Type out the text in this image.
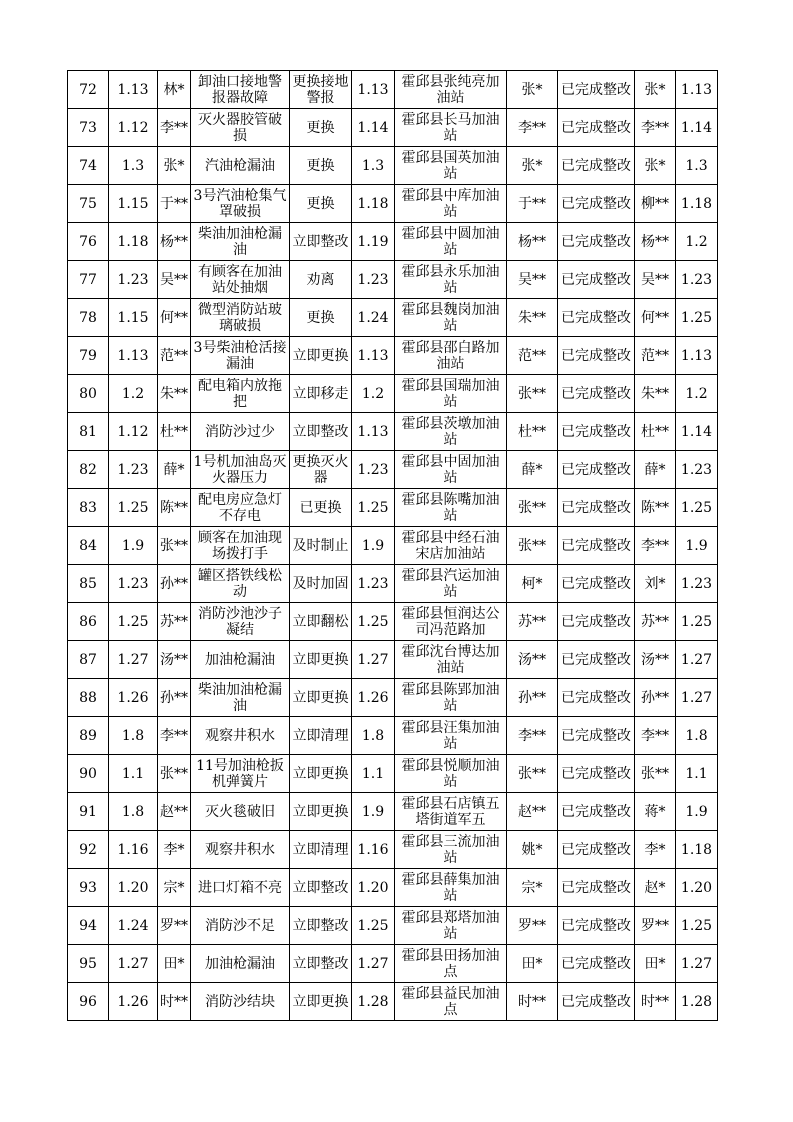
72	1.13	林*	卸油口接地警报器故障	更换接地警报	1.13	霍邱县张纯亮加油站	张*	已完成整改	张*	1.13
73	1.12	李**	灭火器胶管破损	更换	1.14	霍邱县长马加油站	李**	已完成整改	李**	1.14
74	1.3	张*	汽油枪漏油	更换	1.3	霍邱县国英加油站	张*	已完成整改	张*	1.3
75	1.15	于**	3号汽油枪集气罩破损	更换	1.18	霍邱县中库加油站	于**	已完成整改	柳**	1.18
76	1.18	杨**	柴油加油枪漏油	立即整改	1.19	霍邱县中圆加油站	杨**	已完成整改	杨**	1.2
77	1.23	吴**	有顾客在加油站处抽烟	劝离	1.23	霍邱县永乐加油站	吴**	已完成整改	吴**	1.23
78	1.15	何**	微型消防站玻璃破损	更换	1.24	霍邱县魏岗加油站	朱**	已完成整改	何**	1.25
79	1.13	范**	3号柴油枪活接漏油	立即更换	1.13	霍邱县邵白路加油站	范**	已完成整改	范**	1.13
80	1.2	朱**	配电箱内放拖把	立即移走	1.2	霍邱县国瑞加油站	张**	已完成整改	朱**	1.2
81	1.12	杜**	消防沙过少	立即整改	1.13	霍邱县茨墩加油站	杜**	已完成整改	杜**	1.14
82	1.23	薛*	1号机加油岛灭火器压力	更换灭火器	1.23	霍邱县中固加油站	薛*	已完成整改	薛*	1.23
83	1.25	陈**	配电房应急灯不存电	已更换	1.25	霍邱县陈嘴加油站	张**	已完成整改	陈**	1.25
84	1.9	张**	顾客在加油现场拨打手	及时制止	1.9	霍邱县中经石油宋店加油站	张**	已完成整改	李**	1.9
85	1.23	孙**	罐区搭铁线松动	及时加固	1.23	霍邱县汽运加油站	柯*	已完成整改	刘*	1.23
86	1.25	苏**	消防沙池沙子凝结	立即翻松	1.25	霍邱县恒润达公司冯范路加	苏**	已完成整改	苏**	1.25
87	1.27	汤**	加油枪漏油	立即更换	1.27	霍邱沈台博达加油站	汤**	已完成整改	汤**	1.27
88	1.26	孙**	柴油加油枪漏油	立即更换	1.26	霍邱县陈郢加油站	孙**	已完成整改	孙**	1.27
89	1.8	李**	观察井积水	立即清理	1.8	霍邱县汪集加油站	李**	已完成整改	李**	1.8
90	1.1	张**	11号加油枪扳机弹簧片	立即更换	1.1	霍邱县悦顺加油站	张**	已完成整改	张**	1.1
91	1.8	赵**	灭火毯破旧	立即更换	1.9	霍邱县石店镇五塔街道军五	赵**	已完成整改	蒋*	1.9
92	1.16	李*	观察井积水	立即清理	1.16	霍邱县三流加油站	姚*	已完成整改	李*	1.18
93	1.20	宗*	进口灯箱不亮	立即整改	1.20	霍邱县薛集加油站	宗*	已完成整改	赵*	1.20
94	1.24	罗**	消防沙不足	立即整改	1.25	霍邱县郑塔加油站	罗**	已完成整改	罗**	1.25
95	1.27	田*	加油枪漏油	立即整改	1.27	霍邱县田扬加油点	田*	已完成整改	田*	1.27
96	1.26	时**	消防沙结块	立即更换	1.28	霍邱县益民加油点	时**	已完成整改	时**	1.28
